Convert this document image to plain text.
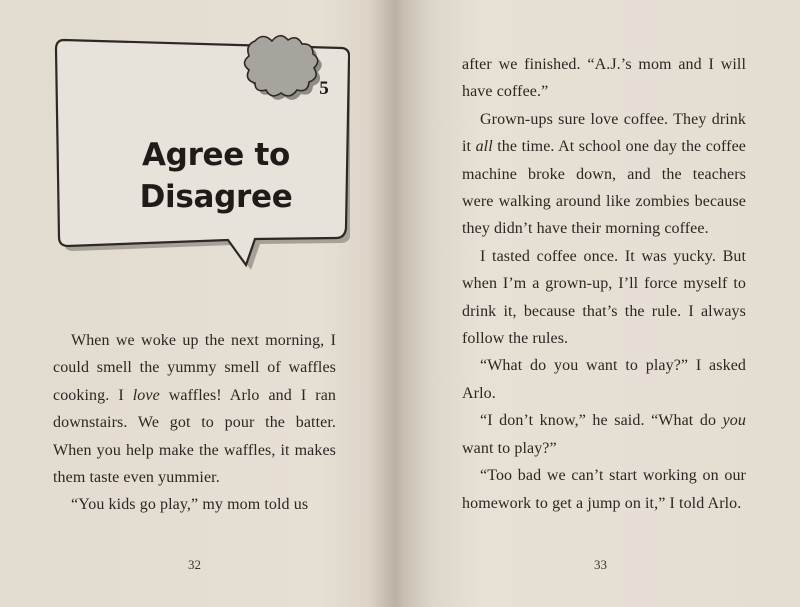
5
Agree to
Disagree

When we woke up the next morning, I could smell the yummy smell of waffles cooking. I love waffles! Arlo and I ran downstairs. We got to pour the batter. When you help make the waffles, it makes them taste even yummier.

“You kids go play,” my mom told us

32

after we finished. “A.J.’s mom and I will have coffee.”

Grown-ups sure love coffee. They drink it all the time. At school one day the coffee machine broke down, and the teachers were walking around like zombies because they didn’t have their morning coffee.

I tasted coffee once. It was yucky. But when I’m a grown-up, I’ll force myself to drink it, because that’s the rule. I always follow the rules.

“What do you want to play?” I asked Arlo.

“I don’t know,” he said. “What do you want to play?”

“Too bad we can’t start working on our homework to get a jump on it,” I told Arlo.

33
